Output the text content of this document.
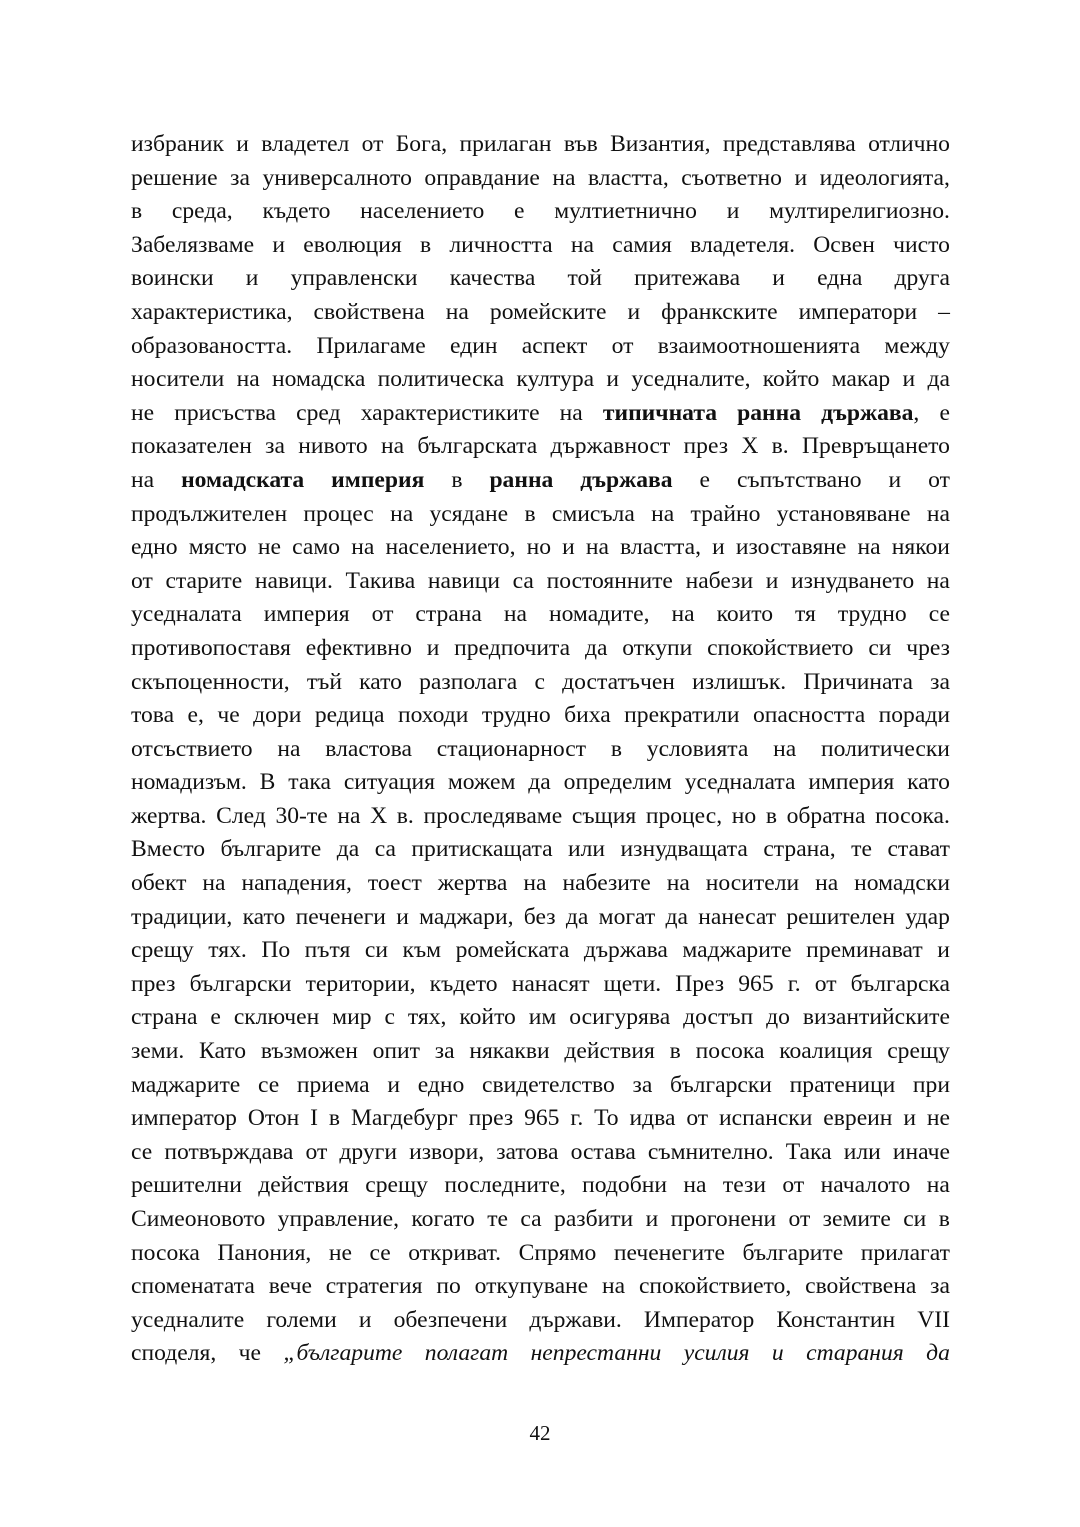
избраник и владетел от Бога, прилаган във Византия, представлява отлично
решение за универсалното оправдание на властта, съответно и идеологията,
в среда, където населението е мултиетнично и мултирелигиозно.
Забелязваме и еволюция в личността на самия владетеля. Освен чисто
воински и управленски качества той притежава и една друга
характеристика, свойствена на ромейските и франкските императори –
образоваността. Прилагаме един аспект от взаимоотношенията между
носители на номадска политическа култура и уседналите, който макар и да
не присъства сред характеристиките на типичната ранна държава, е
показателен за нивото на българската държавност през X в. Превръщането
на номадската империя в ранна държава е съпътствано и от
продължителен процес на усядане в смисъла на трайно установяване на
едно място не само на населението, но и на властта, и изоставяне на някои
от старите навици. Такива навици са постоянните набези и изнудването на
уседналата империя от страна на номадите, на които тя трудно се
противопоставя ефективно и предпочита да откупи спокойствието си чрез
скъпоценности, тъй като разполага с достатъчен излишък. Причината за
това е, че дори редица походи трудно биха прекратили опасността поради
отсъствието на властова стационарност в условията на политически
номадизъм. В така ситуация можем да определим уседналата империя като
жертва. След 30-те на X в. проследяваме същия процес, но в обратна посока.
Вместо българите да са притискащата или изнудващата страна, те стават
обект на нападения, тоест жертва на набезите на носители на номадски
традиции, като печенеги и маджари, без да могат да нанесат решителен удар
срещу тях. По пътя си към ромейската държава маджарите преминават и
през български територии, където нанасят щети. През 965 г. от българска
страна е сключен мир с тях, който им осигурява достъп до византийските
земи. Като възможен опит за някакви действия в посока коалиция срещу
маджарите се приема и едно свидетелство за български пратеници при
император Отон I в Магдебург през 965 г. То идва от испански евреин и не
се потвърждава от други извори, затова остава съмнително. Така или иначе
решителни действия срещу последните, подобни на тези от началото на
Симеоновото управление, когато те са разбити и прогонени от земите си в
посока Панония, не се откриват. Спрямо печенегите българите прилагат
споменатата вече стратегия по откупуване на спокойствието, свойствена за
уседналите големи и обезпечени държави. Император Константин VII
споделя, че „българите полагат непрестанни усилия и старания да
42
